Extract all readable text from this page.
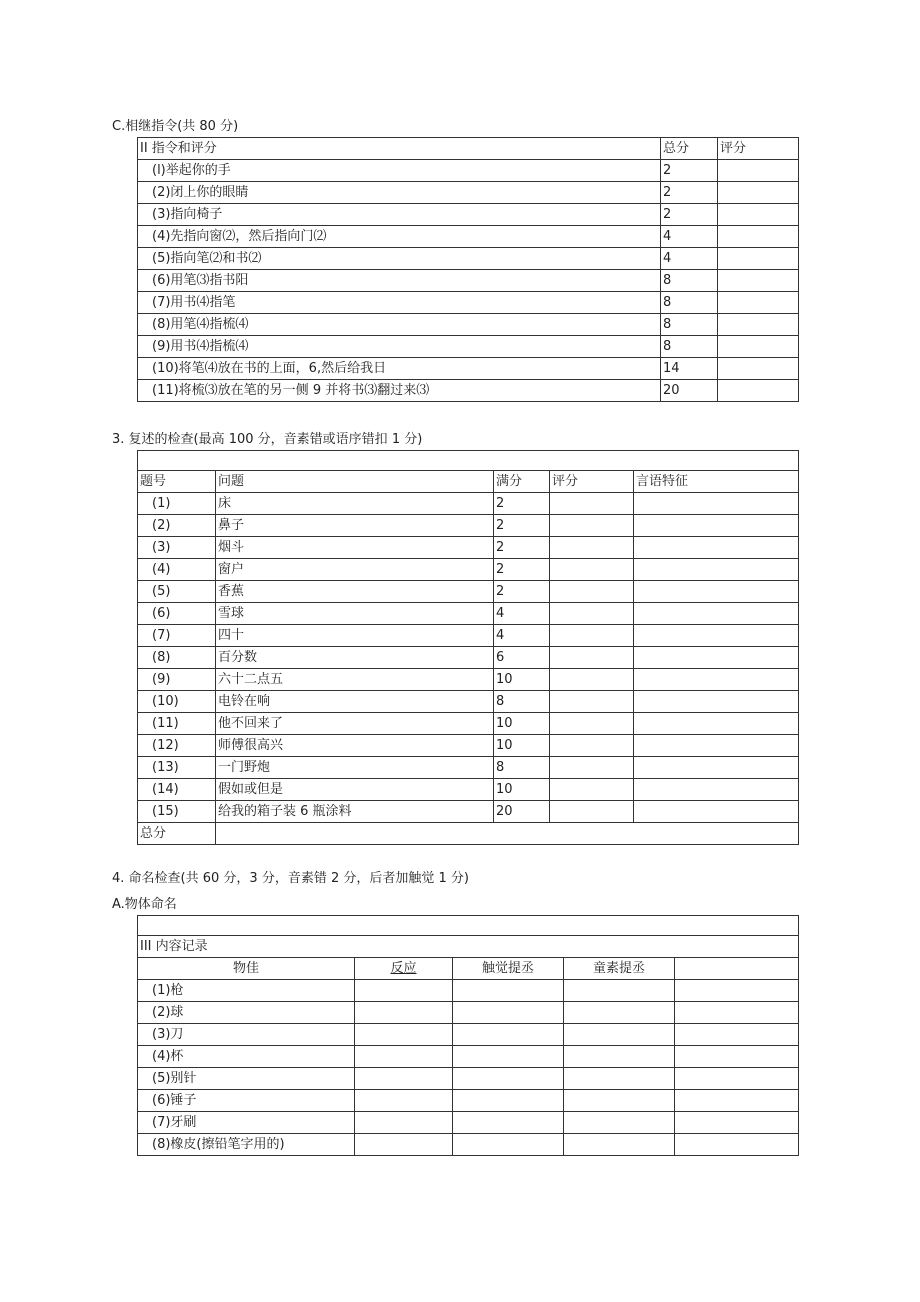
C.相继指令(共 80 分)
II 指令和评分	总分	评分
(l)举起你的手	2	
(2)闭上你的眼睛	2	
(3)指向椅子	2	
(4)先指向窗⑵，然后指向门⑵	4	
(5)指向笔⑵和书⑵	4	
(6)用笔⑶指书阳	8	
(7)用书⑷指笔	8	
(8)用笔⑷指梳⑷	8	
(9)用书⑷指梳⑷	8	
(10)将笔⑷放在书的上面，6,然后给我日	14	
(11)将梳⑶放在笔的另一侧 9 并将书⑶翻过来⑶	20	
3. 复述的检查(最高 100 分，音素错或语序错扣 1 分)

题号	问题	满分	评分	言语特征
(1)	床	2		
(2)	鼻子	2		
(3)	烟斗	2		
(4)	窗户	2		
(5)	香蕉	2		
(6)	雪球	4		
(7)	四十	4		
(8)	百分数	6		
(9)	六十二点五	10		
(10)	电铃在响	8		
(11)	他不回来了	10		
(12)	师傅很高兴	10		
(13)	一门野炮	8		
(14)	假如或但是	10		
(15)	给我的箱子装 6 瓶涂料	20		
总分				
4. 命名检查(共 60 分，3 分，音素错 2 分，后者加触觉 1 分)
A.物体命名

III 内容记录				
物佳	反应	触觉提丞	童素提丞	
(1)枪				
(2)球				
(3)刀				
(4)杯				
(5)别针				
(6)锤子				
(7)牙刷				
(8)橡皮(擦铅笔字用的)				
